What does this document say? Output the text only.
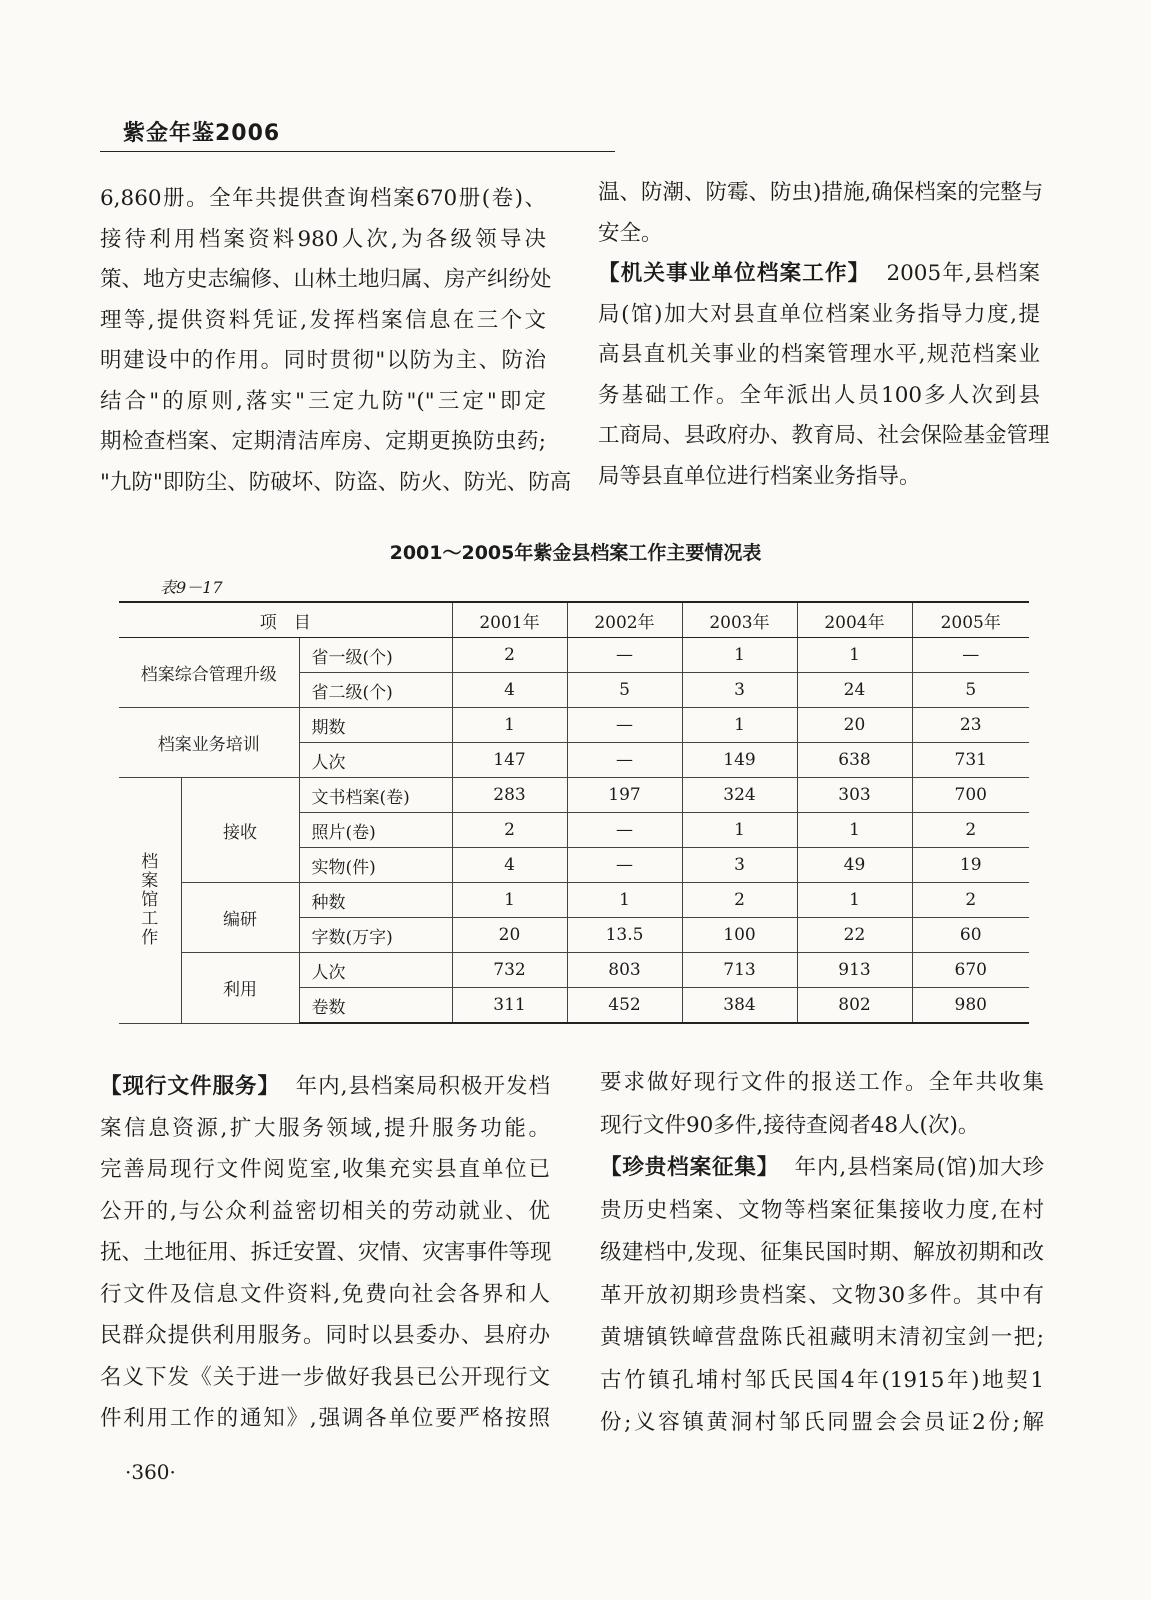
紫金年鉴2006

6,860册。全年共提供查询档案670册(卷)、

接待利用档案资料980人次,为各级领导决

策、地方史志编修、山林土地归属、房产纠纷处

理等,提供资料凭证,发挥档案信息在三个文

明建设中的作用。同时贯彻"以防为主、防治

结合"的原则,落实"三定九防"("三定"即定

期检查档案、定期清洁库房、定期更换防虫药;

"九防"即防尘、防破坏、防盗、防火、防光、防高

温、防潮、防霉、防虫)措施,确保档案的完整与

安全。

【机关事业单位档案工作】 2005年,县档案

局(馆)加大对县直单位档案业务指导力度,提

高县直机关事业的档案管理水平,规范档案业

务基础工作。全年派出人员100多人次到县

工商局、县政府办、教育局、社会保险基金管理

局等县直单位进行档案业务指导。

2001～2005年紫金县档案工作主要情况表
表9－17
项　目			2001年	2002年	2003年	2004年	2005年
档案综合管理升级		省一级(个)	2	—	1	1	—
		省二级(个)	4	5	3	24	5
档案业务培训		期数	1	—	1	20	23
		人次	147	—	149	638	731

档
案
馆
工
作	接收	文书档案(卷)	283	197	324	303	700
		照片(卷)	2	—	1	1	2
		实物(件)	4	—	3	49	19
	编研	种数	1	1	2	1	2
		字数(万字)	20	13.5	100	22	60
	利用	人次	732	803	713	913	670
		卷数	311	452	384	802	980

【现行文件服务】 年内,县档案局积极开发档

案信息资源,扩大服务领域,提升服务功能。

完善局现行文件阅览室,收集充实县直单位已

公开的,与公众利益密切相关的劳动就业、优

抚、土地征用、拆迁安置、灾情、灾害事件等现

行文件及信息文件资料,免费向社会各界和人

民群众提供利用服务。同时以县委办、县府办

名义下发《关于进一步做好我县已公开现行文

件利用工作的通知》,强调各单位要严格按照

要求做好现行文件的报送工作。全年共收集

现行文件90多件,接待查阅者48人(次)。

【珍贵档案征集】 年内,县档案局(馆)加大珍

贵历史档案、文物等档案征集接收力度,在村

级建档中,发现、征集民国时期、解放初期和改

革开放初期珍贵档案、文物30多件。其中有

黄塘镇铁嶂营盘陈氏祖藏明末清初宝剑一把;

古竹镇孔埔村邹氏民国4年(1915年)地契1

份;义容镇黄洞村邹氏同盟会会员证2份;解

·360·
